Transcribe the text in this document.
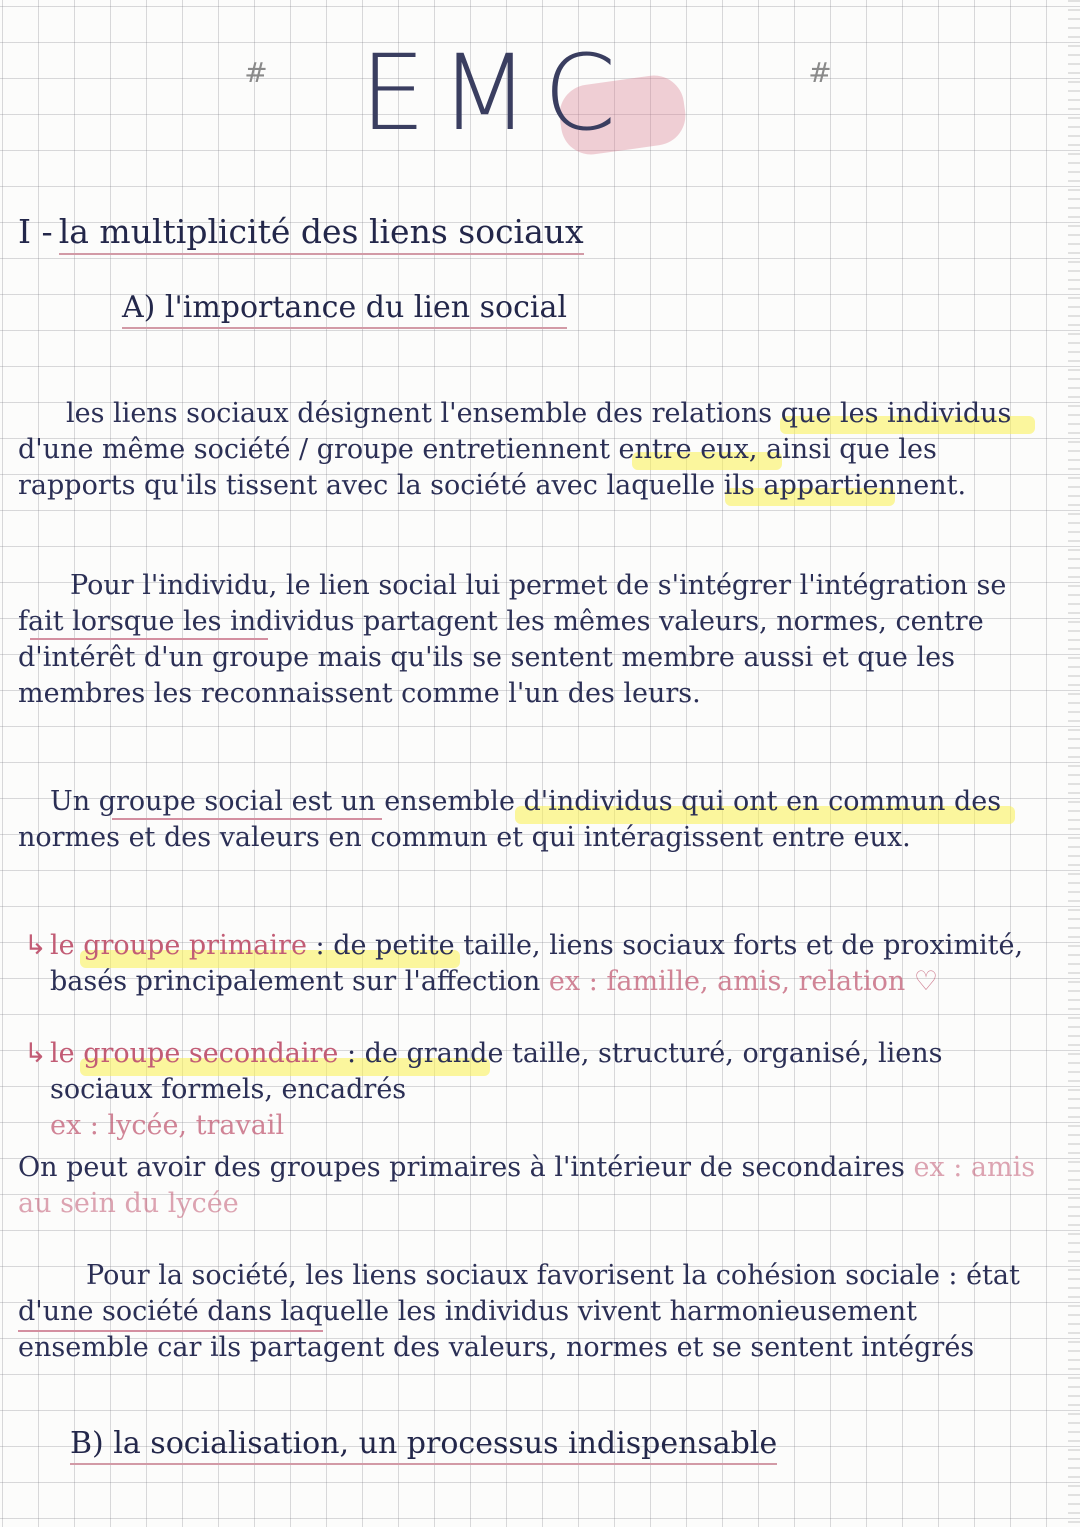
#	#
EMC
I - la multiplicité des liens sociaux
A) l'importance du lien social

les liens sociaux désignent l'ensemble des relations que les individus d'une même société / groupe entretiennent entre eux, ainsi que les rapports qu'ils tissent avec la société avec laquelle ils appartiennent.

Pour l'individu, le lien social lui permet de s'intégrer l'intégration se fait lorsque les individus partagent les mêmes valeurs, normes, centre d'intérêt d'un groupe mais qu'ils se sentent membre aussi et que les membres les reconnaissent comme l'un des leurs.

Un groupe social est un ensemble d'individus qui ont en commun des normes et des valeurs en commun et qui intéragissent entre eux.

↳ le groupe primaire : de petite taille, liens sociaux forts et de proximité, basés principalement sur l'affection ex : famille, amis, relation ♡
↳ le groupe secondaire : de grande taille, structuré, organisé, liens sociaux formels, encadrés
ex : lycée, travail

On peut avoir des groupes primaires à l'intérieur de secondaires ex : amis au sein du lycée

Pour la société, les liens sociaux favorisent la cohésion sociale : état d'une société dans laquelle les individus vivent harmonieusement ensemble car ils partagent des valeurs, normes et se sentent intégrés

B) la socialisation, un processus indispensable
